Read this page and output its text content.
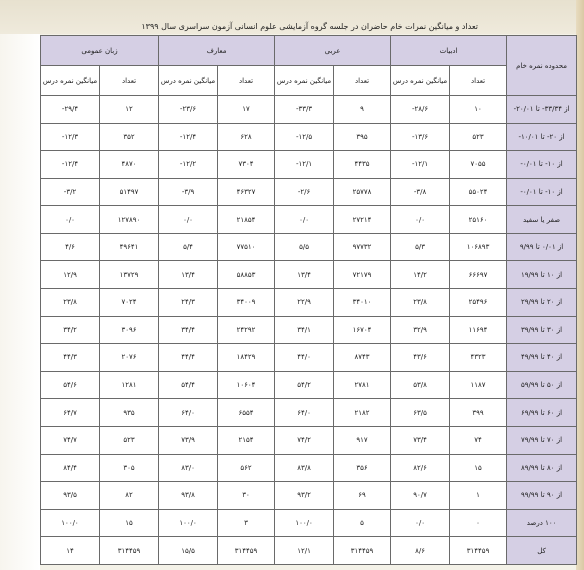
تعداد و میانگین نمرات خام حاضران در جلسه گروه آزمایشی علوم انسانی آزمون سراسری سال ۱۳۹۹
محدوده نمره خام	ادبیات		عربی		معارف		زبان عمومی	
	تعداد	میانگین نمره درس	تعداد	میانگین نمره درس	تعداد	میانگین نمره درس	تعداد	میانگین نمره درس
از ۳۳/۳۴- تا ۲۰/۰۱-	۱۰	-۲۸/۶	۹	-۳۳/۳	۱۷	-۲۳/۶	۱۲	-۲۹/۴
از ۲۰- تا ۱۰/۰۱-	۵۲۳	-۱۳/۶	۳۹۵	-۱۲/۵	۶۲۸	-۱۲/۴	۳۵۲	-۱۲/۳
از ۱۰- تا ۰/۰۱-	۷۰۵۵	-۱۲/۱	۴۴۳۵	-۱۲/۱	۷۳۰۴	-۱۲/۲	۴۸۷۰	-۱۲/۴
از ۱۰- تا ۰/۰۱-	۵۵۰۲۴	-۳/۸	۲۵۷۷۸	-۲/۶	۴۶۳۲۷	-۳/۹	۵۱۴۹۷	-۳/۲
صفر یا سفید	۲۵۱۶۰	۰/۰	۲۷۲۱۴	۰/۰	۲۱۸۵۴	۰/۰	۱۲۷۸۹۰	۰/۰
از ۰/۰۱ تا ۹/۹۹	۱۰۶۸۹۳	۵/۳	۹۷۷۳۲	۵/۵	۷۷۵۱۰	۵/۴	۴۹۶۴۱	۴/۶
از ۱۰ تا ۱۹/۹۹	۶۶۶۹۷	۱۴/۲	۷۲۱۷۹	۱۳/۴	۵۸۸۵۳	۱۳/۴	۱۳۷۲۹	۱۲/۹
از ۲۰ تا ۲۹/۹۹	۲۵۴۹۶	۲۳/۸	۳۴۰۱۰	۲۲/۹	۳۴۰۰۹	۲۴/۳	۷۰۲۴	۲۳/۸
از ۳۰ تا ۳۹/۹۹	۱۱۶۹۴	۳۲/۹	۱۶۷۰۴	۳۴/۱	۲۴۲۹۲	۳۴/۴	۳۰۹۶	۳۴/۲
از ۴۰ تا ۴۹/۹۹	۴۳۲۳	۴۳/۶	۸۷۴۳	۴۴/۰	۱۸۴۲۹	۴۴/۴	۲۰۷۶	۴۴/۳
از ۵۰ تا ۵۹/۹۹	۱۱۸۷	۵۳/۸	۲۷۸۱	۵۴/۲	۱۰۶۰۴	۵۴/۴	۱۲۸۱	۵۴/۶
از ۶۰ تا ۶۹/۹۹	۳۹۹	۶۳/۵	۲۱۸۲	۶۴/۰	۶۵۵۴	۶۴/۰	۹۳۵	۶۴/۷
از ۷۰ تا ۷۹/۹۹	۷۴	۷۳/۴	۹۱۷	۷۴/۲	۲۱۵۴	۷۳/۹	۵۲۳	۷۴/۷
از ۸۰ تا ۸۹/۹۹	۱۵	۸۲/۶	۳۵۶	۸۳/۸	۵۶۲	۸۳/۰	۳۰۵	۸۴/۴
از ۹۰ تا ۹۹/۹۹	۱	۹۰/۷	۶۹	۹۳/۲	۳۰	۹۳/۸	۸۲	۹۳/۵
۱۰۰ درصد	۰	۰/۰	۵	۱۰۰/۰	۳	۱۰۰/۰	۱۵	۱۰۰/۰
کل	۳۱۴۴۵۹	۸/۶	۳۱۴۴۵۹	۱۲/۱	۳۱۴۴۵۹	۱۵/۵	۳۱۴۴۵۹	۱۴
